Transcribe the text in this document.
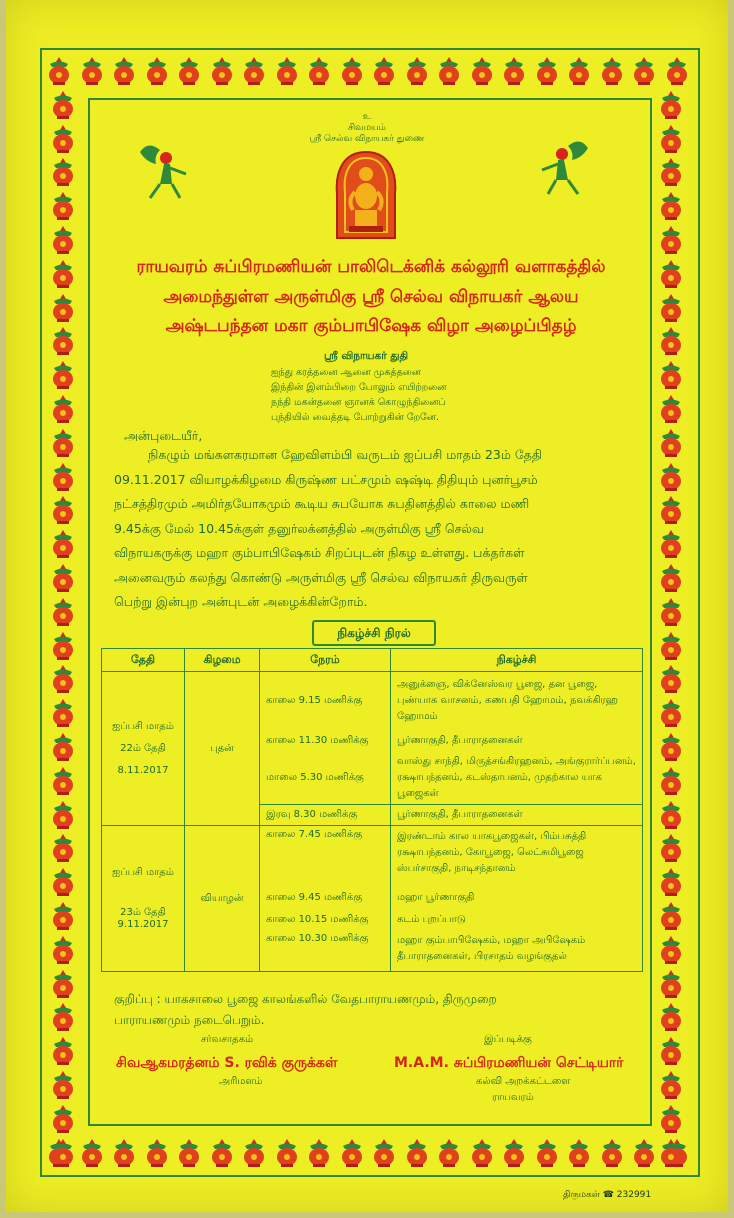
உ
சிவமயம்
ஸ்ரீ செல்வ விநாயகர் துணை
ராயவரம் சுப்பிரமணியன் பாலிடெக்னிக் கல்லூரி வளாகத்தில்
அமைந்துள்ள அருள்மிகு ஸ்ரீ செல்வ விநாயகர் ஆலய
அஷ்டபந்தன மகா கும்பாபிஷேக விழா அழைப்பிதழ்
ஸ்ரீ விநாயகர் துதி
ஐந்து கரத்தனை ஆனை முகத்தனை
இந்தின் இளம்பிறை போலும் எயிற்றனை
நந்தி மகன்தனை ஞானக் கொழுந்தினைப்
புந்தியில் வைத்தடி போற்றுகின் றேனே.
அன்புடையீர்,
நிகழும் மங்களகரமான ஹேவிளம்பி வருடம் ஐப்பசி மாதம் 23ம் தேதி
09.11.2017 வியாழக்கிழமை கிருஷ்ண பட்சமும் ஷஷ்டி திதியும் புனர்பூசம்
நட்சத்திரமும் அமிர்தயோகமும் கூடிய சுபயோக சுபதினத்தில் காலை மணி
9.45க்கு மேல் 10.45க்குள் தனுர்லக்னத்தில் அருள்மிகு ஸ்ரீ செல்வ
விநாயகருக்கு மஹா கும்பாபிஷேகம் சிறப்புடன் நிகழ உள்ளது. பக்தர்கள்
அனைவரும் கலந்து கொண்டு அருள்மிகு ஸ்ரீ செல்வ விநாயகர் திருவருள்
பெற்று இன்புற அன்புடன் அழைக்கின்றோம்.
நிகழ்ச்சி நிரல்
தேதி	கிழமை	நேரம்	நிகழ்ச்சி

ஐப்பசி மாதம்
22ம் தேதி
8.11.2017	புதன்	காலை 9.15 மணிக்கு	அனுக்ஞை, விக்னேஸ்வர பூஜை, தன பூஜை, புண்யாக வாசனம், கணபதி ஹோமம், நவக்கிரஹ ஹோமம்
		காலை 11.30 மணிக்கு	பூர்ணாகுதி, தீபாராதனைகள்
		மாலை 5.30 மணிக்கு	வாஸ்து சாந்தி, மிருத்சங்கிரஹனம், அங்குரார்ப்பனம், ரக்ஷாபந்தனம், கடஸ்தாபனம், முதற்கால யாக பூஜைகள்
		இரவு 8.30 மணிக்கு	பூர்ணாகுதி, தீபாராதனைகள்

ஐப்பசி மாதம்
23ம் தேதி
9.11.2017	வியாழன்	காலை 7.45 மணிக்கு	இரண்டாம் கால யாகபூஜைகள், பிம்பசுத்தி ரக்ஷாபந்தனம், கோபூஜை, லெட்சுமிபூஜை ஸ்பர்சாகுதி, நாடிசந்தானம்
		காலை 9.45 மணிக்கு	மஹா பூர்ணாகுதி
		காலை 10.15 மணிக்கு	கடம் புறப்பாடு
		காலை 10.30 மணிக்கு	மஹா கும்பாபிஷேகம், மஹா அபிஷேகம் தீபாராதனைகள், பிரசாதம் வழங்குதல்
குறிப்பு : யாகசாலை பூஜை காலங்களில் வேதபாராயணமும், திருமுறை
பாராயணமும் நடைபெறும்.
சர்வசாதகம்
சிவஆகமரத்னம் S. ரவிக் குருக்கள்
அரிமளம்
இப்படிக்கு
M.A.M. சுப்பிரமணியன் செட்டியார்
கல்வி அறக்கட்டளை
ராயவரம்
திருமகள் ☎ 232991
